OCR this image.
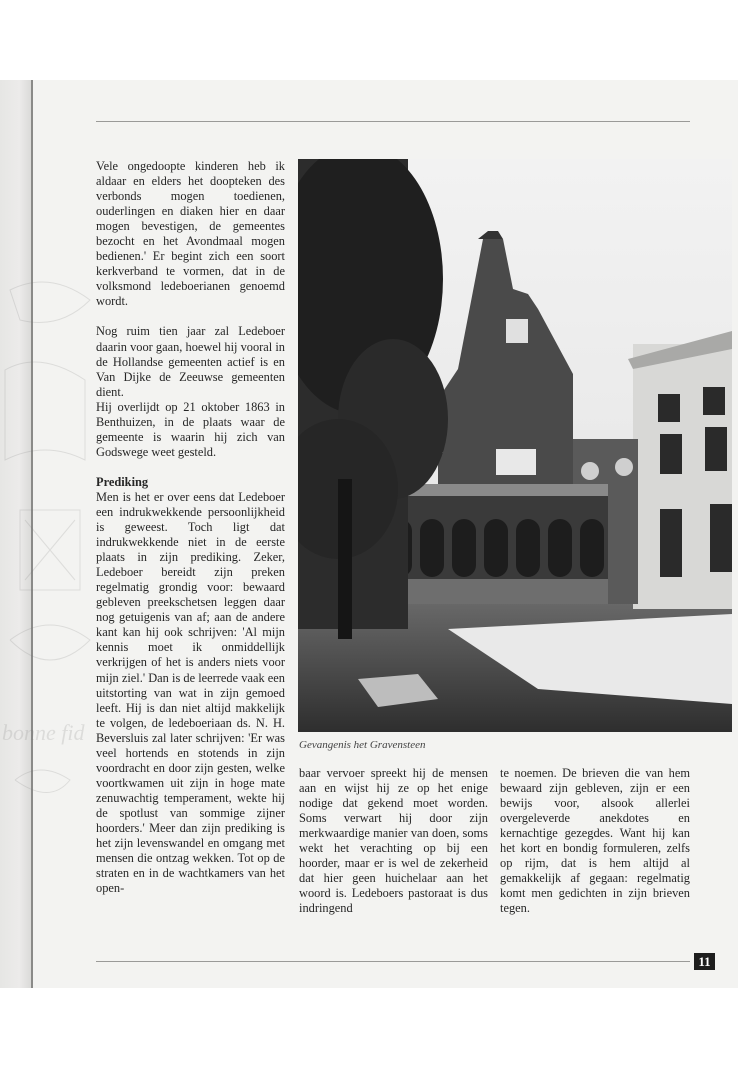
bonne fid

Vele ongedoopte kinderen heb ik aldaar en elders het doopteken des verbonds mogen toedienen, ouderlingen en diaken hier en daar mogen bevestigen, de gemeentes bezocht en het Avondmaal mogen bedienen.' Er begint zich een soort kerkverband te vormen, dat in de volksmond ledeboerianen genoemd wordt.

Nog ruim tien jaar zal Ledeboer daarin voor gaan, hoewel hij vooral in de Hollandse gemeenten actief is en Van Dijke de Zeeuwse gemeenten dient.

Hij overlijdt op 21 oktober 1863 in Benthuizen, in de plaats waar de gemeente is waarin hij zich van Godswege weet gesteld.

Prediking

Men is het er over eens dat Ledeboer een indrukwekkende persoonlijkheid is geweest. Toch ligt dat indrukwekkende niet in de eerste plaats in zijn prediking. Zeker, Ledeboer bereidt zijn preken regelmatig grondig voor: bewaard gebleven preekschetsen leggen daar nog getuigenis van af; aan de andere kant kan hij ook schrijven: 'Al mijn kennis moet ik onmiddellijk verkrijgen of het is anders niets voor mijn ziel.' Dan is de leerrede vaak een uitstorting van wat in zijn gemoed leeft. Hij is dan niet altijd makkelijk te volgen, de ledeboeriaan ds. N. H. Beversluis zal later schrijven: 'Er was veel hortends en stotends in zijn voordracht en door zijn gesten, welke voortkwamen uit zijn in hoge mate zenuwachtig temperament, wekte hij de spotlust van sommige zijner hoorders.' Meer dan zijn prediking is het zijn levenswandel en omgang met mensen die ontzag wekken. Tot op de straten en in de wachtkamers van het open-

Gevangenis het Gravensteen

baar vervoer spreekt hij de mensen aan en wijst hij ze op het enige nodige dat gekend moet worden. Soms verwart hij door zijn merkwaardige manier van doen, soms wekt het verachting op bij een hoorder, maar er is wel de zekerheid dat hier geen huichelaar aan het woord is. Ledeboers pastoraat is dus indringend

te noemen. De brieven die van hem bewaard zijn gebleven, zijn er een bewijs voor, alsook allerlei overgeleverde anekdotes en kernachtige gezegdes. Want hij kan het kort en bondig formuleren, zelfs op rijm, dat is hem altijd al gemakkelijk af gegaan: regelmatig komt men gedichten in zijn brieven tegen.

11
